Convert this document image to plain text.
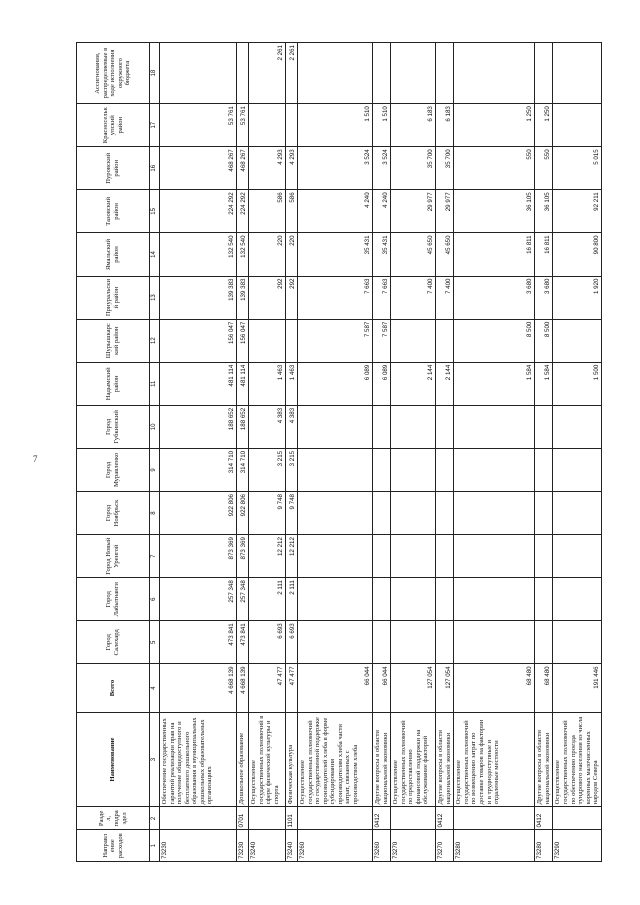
7
Направление расходов	Раздел, подраздел	Наименование	Всего	Город Салехард	Город Лабытнанги	Город Новый Уренгой	Город Ноябрьск	Город Муравленко	Город Губкинский	Надымский район	Шурышкарский район	Приуральский район	Ямальский район	Тазовский район	Пуровский район	Красноселькупский район	Ассигнования, распределяемые в ходе исполнения окружного бюджета
1	2	3	4	5	6	7	8	9	10	11	12	13	14	15	16	17	18
73230		Обеспечение государственных гарантий реализации прав на получение общедоступного и бесплатного дошкольного образования в муниципальных дошкольных образовательных организациях	4 668 139	473 841	257 348	873 369	922 806	314 710	188 652	481 114	156 047	139 383	132 540	224 292	468 267	53 761	
73230	0701	Дошкольное образование	4 668 139	473 841	257 348	873 369	922 806	314 710	188 652	481 114	156 047	139 383	132 540	224 292	468 267	53 761	
73240		Осуществление государственных полномочий в сфере физической культуры и спорта	47 477	6 693	2 111	12 212	9 748	3 215	4 383	1 463		292	220	586	4 293		2 261
73240	1101	Физическая культура	47 477	6 693	2 111	12 212	9 748	3 215	4 383	1 463		292	220	586	4 293		2 261
73260		Осуществление государственных полномочий по государственной поддержке производителей хлеба в форме субсидирования производителям хлеба части затрат, связанных с производством хлеба	66 044							6 089	7 587	7 663	35 431	4 240	3 524	1 510	
73260	0412	Другие вопросы в области национальной экономики	66 044							6 089	7 587	7 663	35 431	4 240	3 524	1 510	
73270		Осуществление государственных полномочий по предоставлению финансовой поддержки на обслуживание факторий	127 054							2 144		7 400	45 650	29 977	35 700	6 183	
73270	0412	Другие вопросы в области национальной экономики	127 054							2 144		7 400	45 650	29 977	35 700	6 183	
73280		Осуществление государственных полномочий по возмещению затрат по доставке товаров на фактории и в труднодоступные и отдаленные местности	68 480							1 584	8 500	3 680	16 811	36 105	550	1 250	
73280	0412	Другие вопросы в области национальной экономики	68 480							1 584	8 500	3 680	16 811	36 105	550	1 250	
73290		Осуществление государственных полномочий по обеспечению проезда тундрового населения из числа коренных малочисленных народов Севера	191 446							1 500		1 920	90 800	92 211	5 015		
